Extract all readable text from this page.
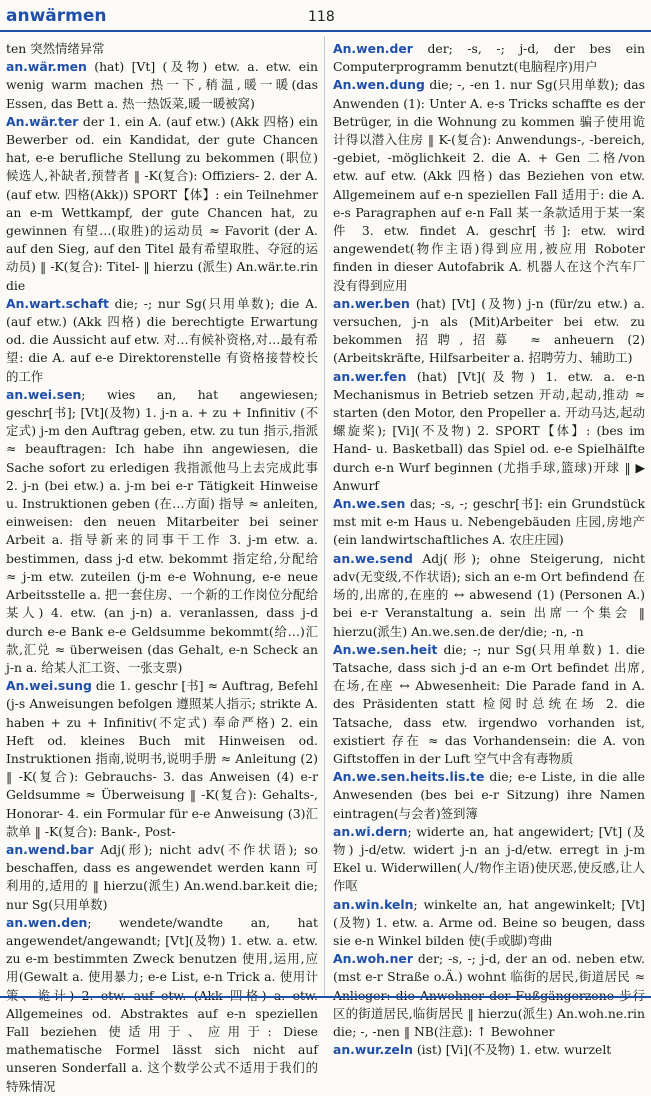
anwärmen	118

ten 突然情绪异常

an.wär.men (hat) [Vt] (及物) etw. a. etw. ein wenig warm machen 热一下,稍温,暖一暖(das Essen, das Bett a. 热一热饭菜,暖一暖被窝)

An.wär.ter der 1. ein A. (auf etw.) (Akk 四格) ein Bewerber od. ein Kandidat, der gute Chancen hat, e-e berufliche Stellung zu bekommen (职位)候选人,补缺者,预替者 ‖ -K(复合): Offiziers- 2. der A. (auf etw. 四格(Akk)) SPORT【体】: ein Teilnehmer an e-m Wettkampf, der gute Chancen hat, zu gewinnen 有望…(取胜)的运动员 ≈ Favorit (der A. auf den Sieg, auf den Titel 最有希望取胜、夺冠的运动员) ‖ -K(复合): Titel- ‖ hierzu (派生) An.wär.te.rin die

An.wart.schaft die; -; nur Sg(只用单数); die A. (auf etw.) (Akk 四格) die berechtigte Erwartung od. die Aussicht auf etw. 对…有候补资格,对…最有希望: die A. auf e-e Direktorenstelle 有资格接替校长的工作

an.wei.sen; wies an, hat angewiesen; geschr[书]; [Vt](及物) 1. j-n a. + zu + Infinitiv (不定式) j-m den Auftrag geben, etw. zu tun 指示,指派 ≈ beauftragen: Ich habe ihn angewiesen, die Sache sofort zu erledigen 我指派他马上去完成此事 2. j-n (bei etw.) a. j-m bei e-r Tätigkeit Hinweise u. Instruktionen geben (在…方面) 指导 ≈ anleiten, einweisen: den neuen Mitarbeiter bei seiner Arbeit a. 指导新来的同事干工作 3. j-m etw. a. bestimmen, dass j-d etw. bekommt 指定给,分配给 ≈ j-m etw. zuteilen (j-m e-e Wohnung, e-e neue Arbeitsstelle a. 把一套住房、一个新的工作岗位分配给某人) 4. etw. (an j-n) a. veranlassen, dass j-d durch e-e Bank e-e Geldsumme bekommt(给…)汇款,汇兑 ≈ überweisen (das Gehalt, e-n Scheck an j-n a. 给某人汇工资、一张支票)

An.wei.sung die 1. geschr [书] ≈ Auftrag, Befehl (j-s Anweisungen befolgen 遵照某人指示; strikte A. haben + zu + Infinitiv(不定式) 奉命严格) 2. ein Heft od. kleines Buch mit Hinweisen od. Instruktionen 指南,说明书,说明手册 ≈ Anleitung (2) ‖ -K(复合): Gebrauchs- 3. das Anweisen (4) e-r Geldsumme ≈ Überweisung ‖ -K(复合): Gehalts-, Honorar- 4. ein Formular für e-e Anweisung (3)汇款单 ‖ -K(复合): Bank-, Post-

an.wend.bar Adj(形); nicht adv(不作状语); so beschaffen, dass es angewendet werden kann 可利用的,适用的 ‖ hierzu(派生) An.wend.bar.keit die; nur Sg(只用单数)

an.wen.den; wendete/wandte an, hat angewendet/angewandt; [Vt](及物) 1. etw. a. etw. zu e-m bestimmten Zweck benutzen 使用,运用,应用(Gewalt a. 使用暴力; e-e List, e-n Trick a. 使用计 Allgemeines od. Abstraktes auf e-n speziellen Fall beziehen 使适用于、应用于: Diese mathematische Formel lässt sich nicht auf unseren Sonderfall a. 这个数学公式不适用于我们的特殊情况

An.wen.der der; -s, -; j-d, der bes ein Computerprogramm benutzt(电脑程序)用户

An.wen.dung die; -, -en 1. nur Sg(只用单数); das Anwenden (1): Unter A. e-s Tricks schaffte es der Betrüger, in die Wohnung zu kommen 骗子使用诡计得以潜入住房 ‖ K-(复合): Anwendungs-, -bereich, -gebiet, -möglichkeit 2. die A. + Gen 二格/von etw. auf etw. (Akk 四格) das Beziehen von etw. Allgemeinem auf e-n speziellen Fall 适用于: die A. e-s Paragraphen auf e-n Fall 某一条款适用于某一案件 3. etw. findet A. geschr[书]: etw. wird angewendet(物作主语)得到应用,被应用 Roboter finden in dieser Autofabrik A. 机器人在这个汽车厂没有得到应用

an.wer.ben (hat) [Vt] (及物) j-n (für/zu etw.) a. versuchen, j-n als (Mit)Arbeiter bei etw. zu bekommen 招聘,招募 ≈ anheuern (2) (Arbeitskräfte, Hilfsarbeiter a. 招聘劳力、辅助工)

an.wer.fen (hat) [Vt](及物) 1. etw. a. e-n Mechanismus in Betrieb setzen 开动,起动,推动 ≈ starten (den Motor, den Propeller a. 开动马达,起动螺旋桨); [Vi](不及物) 2. SPORT【体】: (bes im Hand- u. Basketball) das Spiel od. e-e Spielhälfte durch e-n Wurf beginnen (尤指手球,篮球)开球 ‖ ▶ Anwurf

An.we.sen das; -s, -; geschr[书]: ein Grundstück mst mit e-m Haus u. Nebengebäuden 庄园,房地产 (ein landwirtschaftliches A. 农庄庄园)

an.we.send Adj(形); ohne Steigerung, nicht adv(无变级,不作状语); sich an e-m Ort befindend 在场的,出席的,在座的 ↔ abwesend (1) (Personen A.) bei e-r Veranstaltung a. sein 出席一个集会 ‖ hierzu(派生) An.we.sen.de der/die; -n, -n

An.we.sen.heit die; -; nur Sg(只用单数) 1. die Tatsache, dass sich j-d an e-m Ort befindet 出席,在场,在座 ↔ Abwesenheit: Die Parade fand in A. des Präsidenten statt 检阅时总统在场 2. die Tatsache, dass etw. irgendwo vorhanden ist, existiert 存在 ≈ das Vorhandensein: die A. von Giftstoffen in der Luft 空气中含有毒物质

An.we.sen.heits.lis.te die; e-e Liste, in die alle Anwesenden (bes bei e-r Sitzung) ihre Namen eintragen(与会者)签到簿

an.wi.dern; widerte an, hat angewidert; [Vt] (及物) j-d/etw. widert j-n an j-d/etw. erregt in j-m Ekel u. Widerwillen(人/物作主语)使厌恶,使反感,让人作呕

an.win.keln; winkelte an, hat angewinkelt; [Vt](及物) 1. etw. a. Arme od. Beine so beugen, dass sie e-n Winkel bilden 使(手或脚)弯曲

An.woh.ner der; -s, -; j-d, der an od. neben etw. (mst e-r Straße o.Ä.) wohnt 临街的居民,街道居民 ≈ 区的街道居民,临街居民 ‖ hierzu(派生) An.woh.ne.rin die; -, -nen ‖ NB(注意): ↑ Bewohner

an.wur.zeln (ist) [Vi](不及物) 1. etw. wurzelt
